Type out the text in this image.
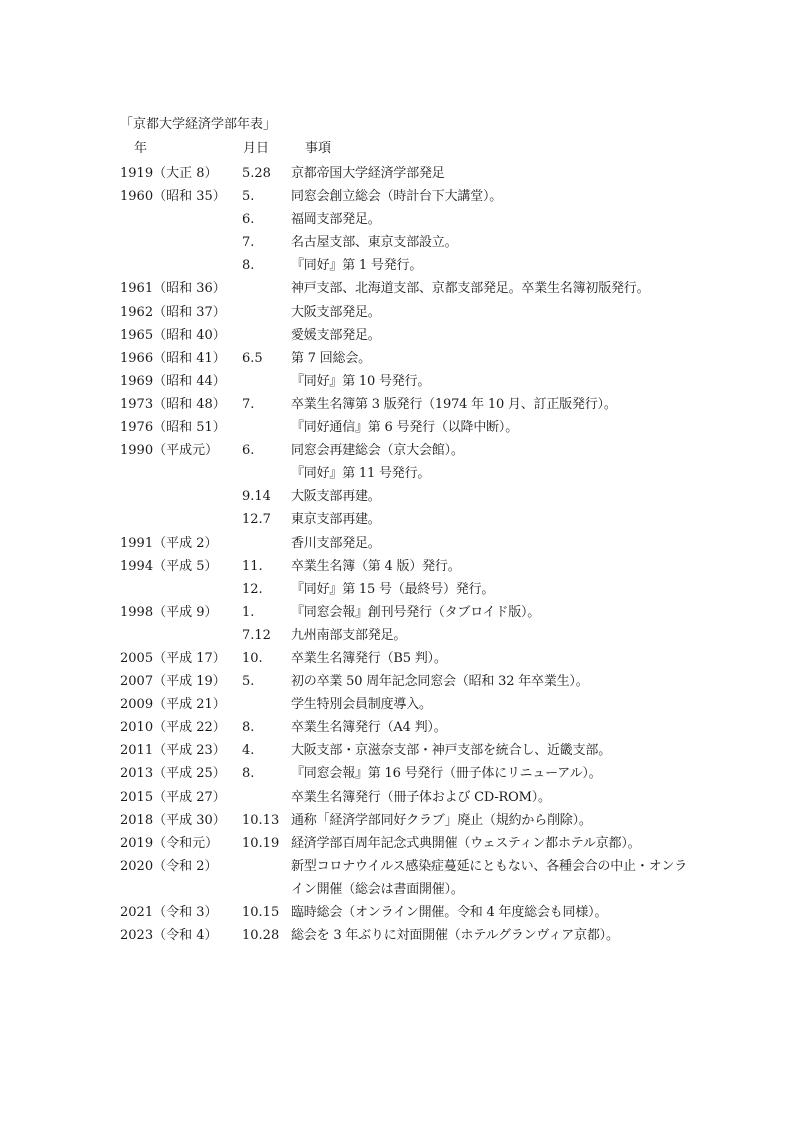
「京都大学経済学部年表」
年	月日	事項
1919（大正 8） 5.28 京都帝国大学経済学部発足
1960（昭和 35） 5.	同窓会創立総会（時計台下大講堂）。
6.	福岡支部発足。
7.	名古屋支部、東京支部設立。
8.	『同好』第 1 号発行。
1961（昭和 36）	神戸支部、北海道支部、京都支部発足。卒業生名簿初版発行。
1962（昭和 37）	大阪支部発足。
1965（昭和 40）	愛媛支部発足。
1966（昭和 41） 6.5 第 7 回総会。
1969（昭和 44）	『同好』第 10 号発行。
1973（昭和 48） 7.	卒業生名簿第 3 版発行（1974 年 10 月、訂正版発行）。
1976（昭和 51）	『同好通信』第 6 号発行（以降中断）。
1990（平成元） 6.	同窓会再建総会（京大会館）。
『同好』第 11 号発行。
9.14 大阪支部再建。
12.7 東京支部再建。
1991（平成 2）	香川支部発足。
1994（平成 5） 11. 卒業生名簿（第 4 版）発行。
12. 『同好』第 15 号（最終号）発行。
1998（平成 9） 1.	『同窓会報』創刊号発行（タブロイド版）。
7.12 九州南部支部発足。
2005（平成 17） 10. 卒業生名簿発行（B5 判）。
2007（平成 19） 5.	初の卒業 50 周年記念同窓会（昭和 32 年卒業生）。
2009（平成 21）	学生特別会員制度導入。
2010（平成 22） 8.	卒業生名簿発行（A4 判）。
2011（平成 23） 4.	大阪支部・京滋奈支部・神戸支部を統合し、近畿支部。
2013（平成 25） 8.	『同窓会報』第 16 号発行（冊子体にリニューアル）。
2015（平成 27）	卒業生名簿発行（冊子体および CD-ROM）。
2018（平成 30） 10.13 通称「経済学部同好クラブ」廃止（規約から削除）。
2019（令和元） 10.19 経済学部百周年記念式典開催（ウェスティン都ホテル京都）。
2020（令和 2）	新型コロナウイルス感染症蔓延にともない、各種会合の中止・オンライン開催（総会は書面開催）。
2021（令和 3） 10.15 臨時総会（オンライン開催。令和 4 年度総会も同様）。
2023（令和 4） 10.28 総会を 3 年ぶりに対面開催（ホテルグランヴィア京都）。
